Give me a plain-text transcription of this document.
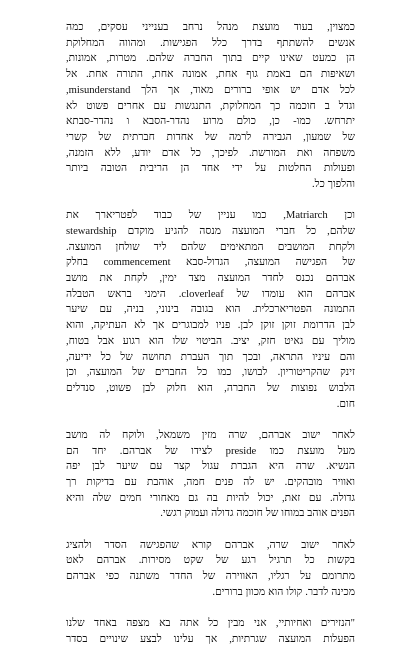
כמצוין, בעוד מועצת מנהל נרחב בענייני עסקים, כמה
אנשים להשתתף בדרך כלל הפגישות. ומהווה המחלוקת
הן כמעט שאינו קיים בתוך החברה שלהם. מטרות, אמונות,
ושאיפות הם באמת גוף אחת, אמונה אחת, התורה אחת. אל
לכל אדם יש אופי ברורים מאוד, אך הלך misunderstand,
וגדל ב חוכמה כך המחלוקת, התנגשות עם אחרים פשוט לא
יתרחש. כמו- כן, כולם מרוע נהדר-הסבא ו נהדר-סבתא
של שמעון, הגבירה לרמה של אחדות חברתית של קשרי
משפחה ואת המורשת. לפיכך, כל אדם יודע, ללא הזמנה,
ופעולות החלטות על ידי אחד הן הריבית הטובה ביותר
והלפוך כל.
וכן Matriarch, כמו עניין של כבוד לפטריארך את
שלהם, כל חברי המועצה מנסה להגיע מוקדם stewardship
ולקחת המושבים המתאימים שלהם ליד שולחן המועצה.
של הפגישה המועצה, הגדול-סבא commencement בחלק
אברהם נכנס לחדר המועצה מצד ימין, לקחת את מושב
אברהם הוא עומדו של cloverleaf. הימני בראש הטבלה
התמונה הפטריארכלית. הוא בגובה בינוני, בניה, עם שיער
לבן הדרומת זוקן זוקן לבן. פניו למבוגרים אך לא העתיקה, והוא
מוליך עם גאיט חזק, יציב. הביטוי שלו הוא רגוע אבל בטוח,
והם עיניו התראה, ובכך תוך העברת תחושה של כל ידיעה,
זינק שהקריטוריון. לבושו, כמו כל החברים של המועצה, וכן
הלבוש נפוצות של החברה, הוא חלוק לבן פשוט, סנדלים
חום.
לאחר ישוב אברהם, שרה מזין משמאל, ולוקח לה מושב
מעל מועצת כמו preside לצידו של אברהם. יחד הם
הנשיא. שרה היא הגברת עגול קצר עם שיער לבן יפה
ואוויר מובהקים. יש לה פנים חמה, אוהבת עם בדיקות רך
גדולה. עם זאת, יכול להיות בה גם מאחורי חמים שלה והיא
הפנים אוהב במוחו של חוכמה גדולה ועמוק רגשי.
לאחר ישוב שרה, אברהם קורא שהפגישה הסדר ולהציג
בקשות כל תרגיל רגע של שקט מסירות. אברהם לאט
מתרומם על רגליו, האווירה של החדר משתנה כפי אברהם
מכינה לדבר. קולו הוא מכוון ברורים.
"הנזירים ואחיותיי, אני מבין כל אתה בא מצפה באחד שלנו
הפעלות המועצה שגרתיות, אך עלינו לבצע שינויים בסדר
